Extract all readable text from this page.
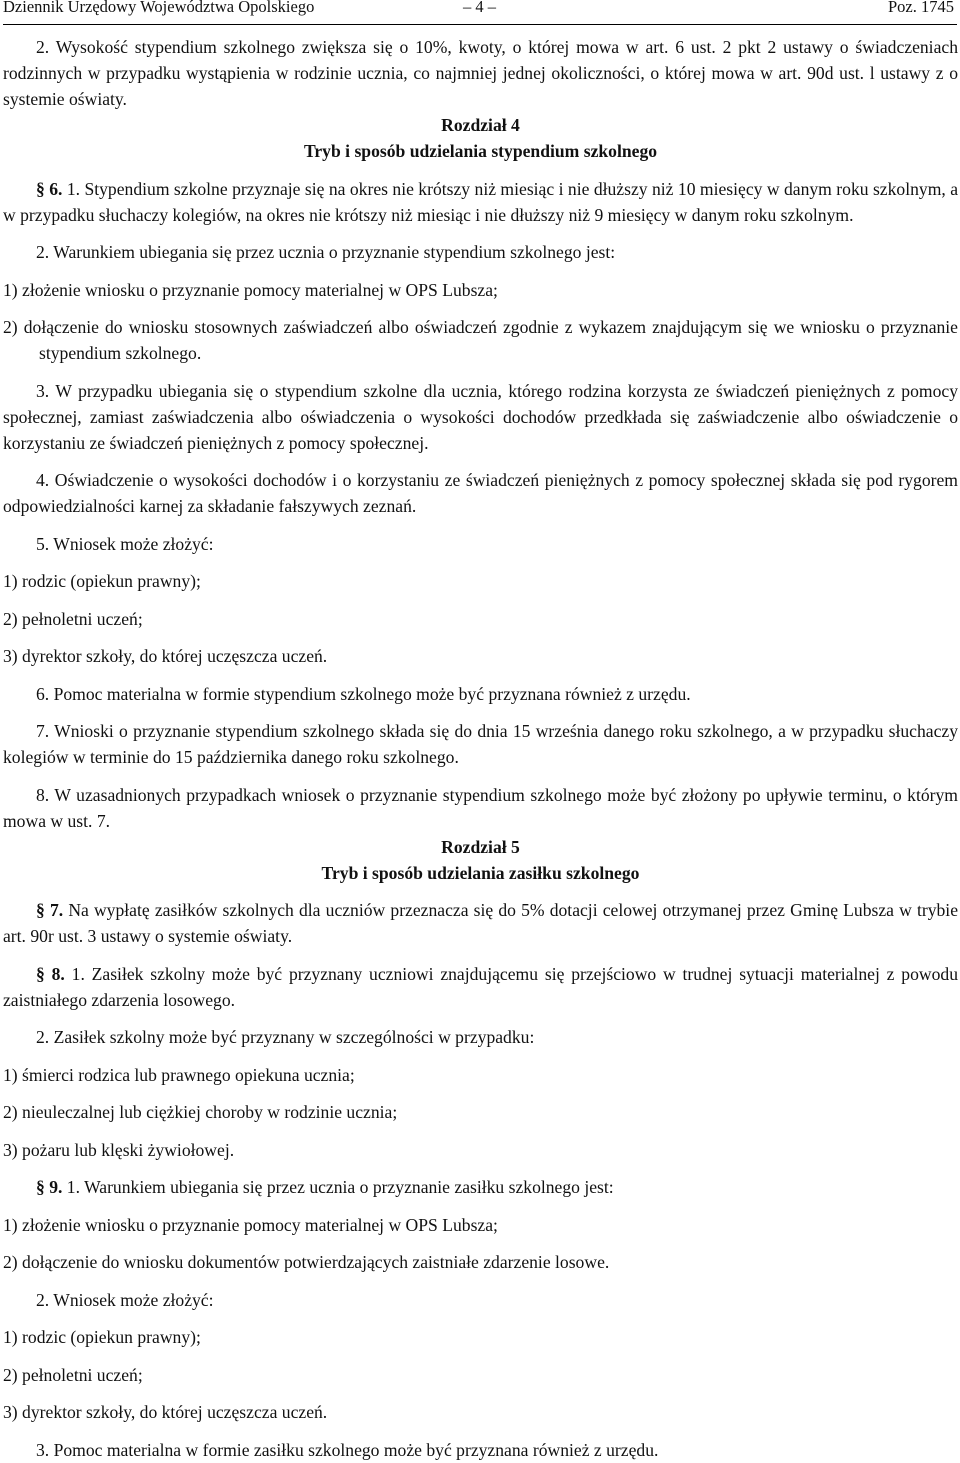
Dziennik Urzędowy Województwa Opolskiego	– 4 –	Poz. 1745

2. Wysokość stypendium szkolnego zwiększa się o 10%, kwoty, o której mowa w art. 6 ust. 2 pkt 2 ustawy o świadczeniach rodzinnych w przypadku wystąpienia w rodzinie ucznia, co najmniej jednej okoliczności, o której mowa w art. 90d ust. l ustawy z o systemie oświaty.

Rozdział 4

Tryb i sposób udzielania stypendium szkolnego

§ 6. 1. Stypendium szkolne przyznaje się na okres nie krótszy niż miesiąc i nie dłuższy niż 10 miesięcy w danym roku szkolnym, a w przypadku słuchaczy kolegiów, na okres nie krótszy niż miesiąc i nie dłuższy niż 9 miesięcy w danym roku szkolnym.

2. Warunkiem ubiegania się przez ucznia o przyznanie stypendium szkolnego jest:

1) złożenie wniosku o przyznanie pomocy materialnej w OPS Lubsza;

2) dołączenie do wniosku stosownych zaświadczeń albo oświadczeń zgodnie z wykazem znajdującym się we wniosku o przyznanie stypendium szkolnego.

3. W przypadku ubiegania się o stypendium szkolne dla ucznia, którego rodzina korzysta ze świadczeń pieniężnych z pomocy społecznej, zamiast zaświadczenia albo oświadczenia o wysokości dochodów przedkłada się zaświadczenie albo oświadczenie o korzystaniu ze świadczeń pieniężnych z pomocy społecznej.

4. Oświadczenie o wysokości dochodów i o korzystaniu ze świadczeń pieniężnych z pomocy społecznej składa się pod rygorem odpowiedzialności karnej za składanie fałszywych zeznań.

5. Wniosek może złożyć:

1) rodzic (opiekun prawny);

2) pełnoletni uczeń;

3) dyrektor szkoły, do której uczęszcza uczeń.

6. Pomoc materialna w formie stypendium szkolnego może być przyznana również z urzędu.

7. Wnioski o przyznanie stypendium szkolnego składa się do dnia 15 września danego roku szkolnego, a w przypadku słuchaczy kolegiów w terminie do 15 października danego roku szkolnego.

8. W uzasadnionych przypadkach wniosek o przyznanie stypendium szkolnego może być złożony po upływie terminu, o którym mowa w ust. 7.

Rozdział 5

Tryb i sposób udzielania zasiłku szkolnego

§ 7. Na wypłatę zasiłków szkolnych dla uczniów przeznacza się do 5% dotacji celowej otrzymanej przez Gminę Lubsza w trybie art. 90r ust. 3 ustawy o systemie oświaty.

§ 8. 1. Zasiłek szkolny może być przyznany uczniowi znajdującemu się przejściowo w trudnej sytuacji materialnej z powodu zaistniałego zdarzenia losowego.

2. Zasiłek szkolny może być przyznany w szczególności w przypadku:

1) śmierci rodzica lub prawnego opiekuna ucznia;

2) nieuleczalnej lub ciężkiej choroby w rodzinie ucznia;

3) pożaru lub klęski żywiołowej.

§ 9. 1. Warunkiem ubiegania się przez ucznia o przyznanie zasiłku szkolnego jest:

1) złożenie wniosku o przyznanie pomocy materialnej w OPS Lubsza;

2) dołączenie do wniosku dokumentów potwierdzających zaistniałe zdarzenie losowe.

2. Wniosek może złożyć:

1) rodzic (opiekun prawny);

2) pełnoletni uczeń;

3) dyrektor szkoły, do której uczęszcza uczeń.

3. Pomoc materialna w formie zasiłku szkolnego może być przyznana również z urzędu.
